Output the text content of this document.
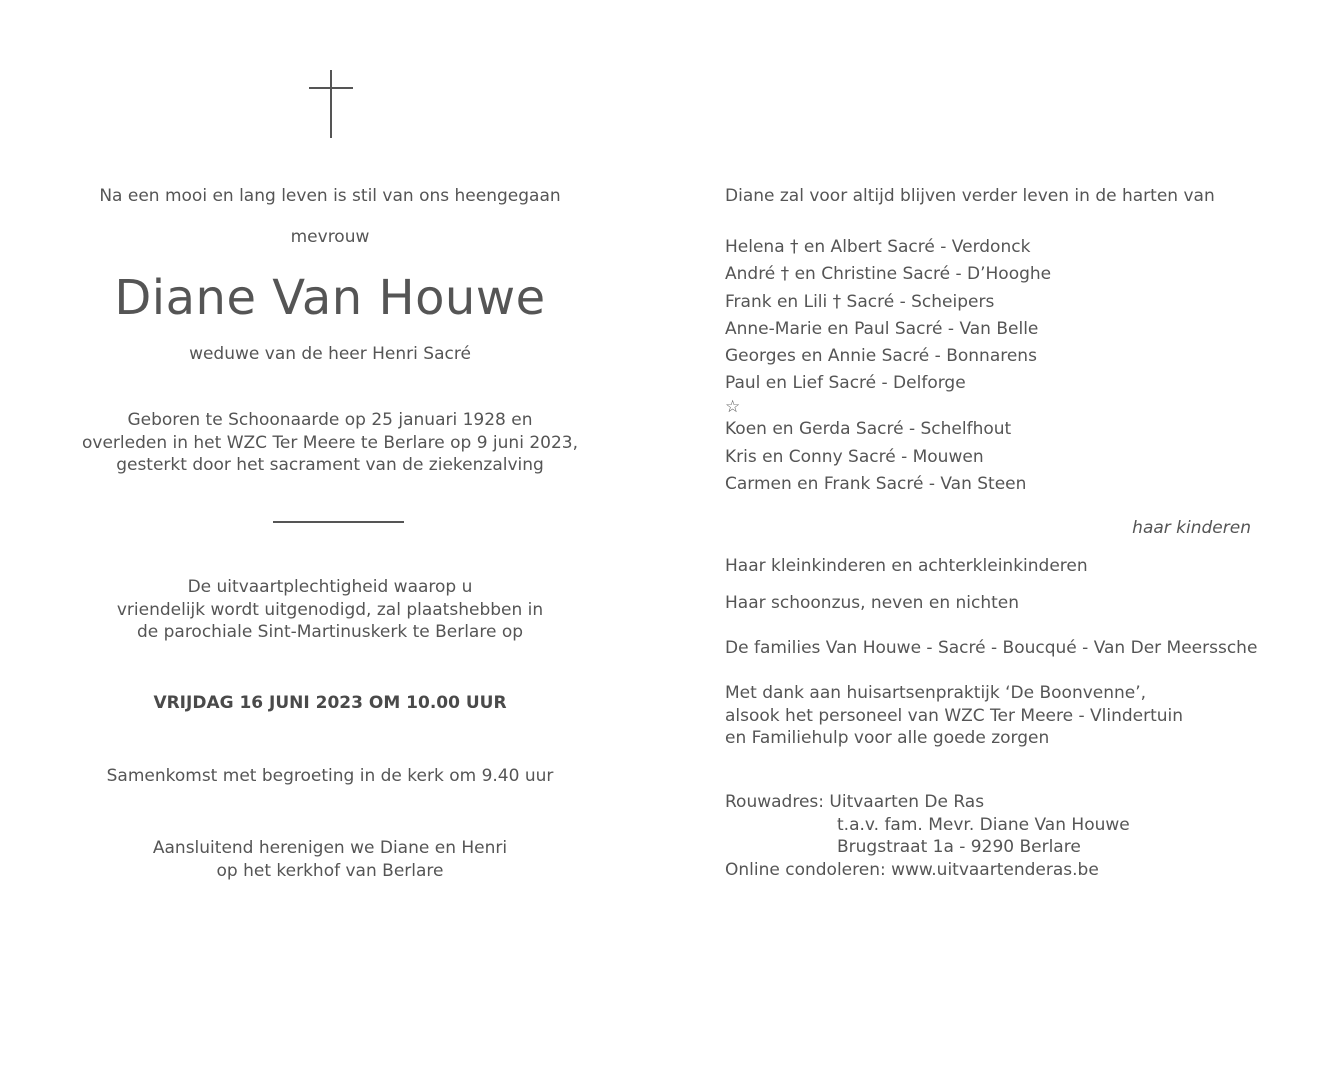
Na een mooi en lang leven is stil van ons heengegaan
mevrouw
Diane Van Houwe
weduwe van de heer Henri Sacré
Geboren te Schoonaarde op 25 januari 1928 en
overleden in het WZC Ter Meere te Berlare op 9 juni 2023,
gesterkt door het sacrament van de ziekenzalving
De uitvaartplechtigheid waarop u
vriendelijk wordt uitgenodigd, zal plaatshebben in
de parochiale Sint-Martinuskerk te Berlare op
VRIJDAG 16 JUNI 2023 OM 10.00 UUR
Samenkomst met begroeting in de kerk om 9.40 uur
Aansluitend herenigen we Diane en Henri
op het kerkhof van Berlare
Diane zal voor altijd blijven verder leven in de harten van
Helena † en Albert Sacré - Verdonck
André † en Christine Sacré - D’Hooghe
Frank en Lili † Sacré - Scheipers
Anne-Marie en Paul Sacré - Van Belle
Georges en Annie Sacré - Bonnarens
Paul en Lief Sacré - Delforge
☆
Koen en Gerda Sacré - Schelfhout
Kris en Conny Sacré - Mouwen
Carmen en Frank Sacré - Van Steen
haar kinderen
Haar kleinkinderen en achterkleinkinderen
Haar schoonzus, neven en nichten
De families Van Houwe - Sacré - Boucqué - Van Der Meerssche
Met dank aan huisartsenpraktijk ‘De Boonvenne’,
alsook het personeel van WZC Ter Meere - Vlindertuin
en Familiehulp voor alle goede zorgen
Rouwadres: Uitvaarten De Ras
t.a.v. fam. Mevr. Diane Van Houwe
Brugstraat 1a - 9290 Berlare
Online condoleren: www.uitvaartenderas.be
